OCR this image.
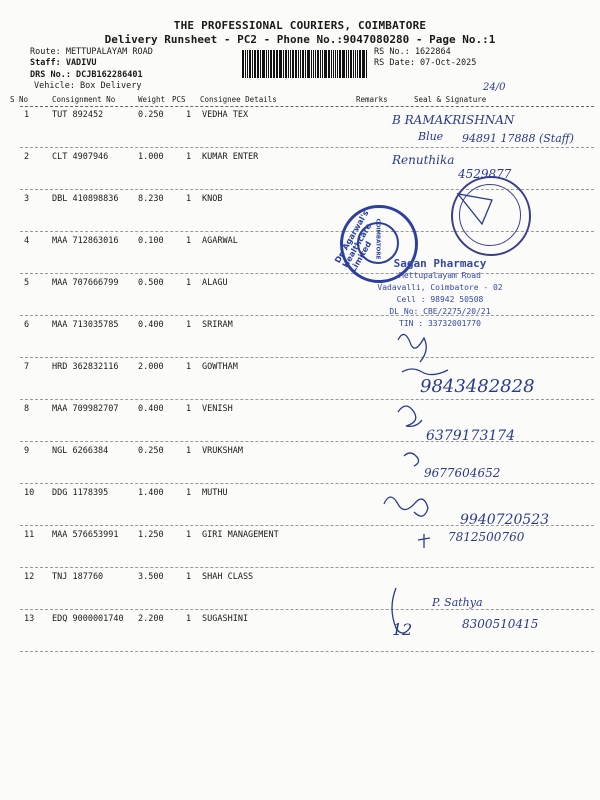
THE PROFESSIONAL COURIERS, COIMBATORE
Delivery Runsheet - PC2 - Phone No.:9047080280 - Page No.:1
Route: METTUPALAYAM ROAD
Staff: VADIVU
DRS No.: DCJB162286401
Vehicle: Box Delivery
RS No.: 1622864
RS Date: 07-Oct-2025
S No	Consignment No	Weight PCS Consignee Details	Remarks	Seal & Signature
1	TUT 892452	0.250	1 VEDHA TEX
2	CLT 4907946	1.000	1 KUMAR ENTER
3	DBL 410898836 8.230	1 KNOB
4	MAA 712863016 0.100	1 AGARWAL
5	MAA 707666799 0.500	1 ALAGU
6	MAA 713035785 0.400	1 SRIRAM
7	HRD 362832116 2.000	1 GOWTHAM
8	MAA 709982707 0.400	1 VENISH
9	NGL 6266384	0.250	1 VRUKSHAM
10 DDG 1178395	1.400	1 MUTHU
11 MAA 576653991 1.250	1 GIRI MANAGEMENT
12 TNJ 187760	3.500	1 SHAH CLASS
13 EDQ 9000001740 2.200	1 SUGASHINI
Dr. Agarwal's Healthcare Limited COIMBATORE
Sagan Pharmacy
Mettupalayam Road
Vadavalli, Coimbatore - 02
Cell : 98942 50508
DL No: CBE/2275/20/21
TIN : 33732001770
24/0
B RAMAKRISHNAN
Blue 94891 17888 (Staff)
Renuthika
4529877
9843482828
6379173174
9677604652
9940720523
7812500760
P. Sathya
8300510415
12
